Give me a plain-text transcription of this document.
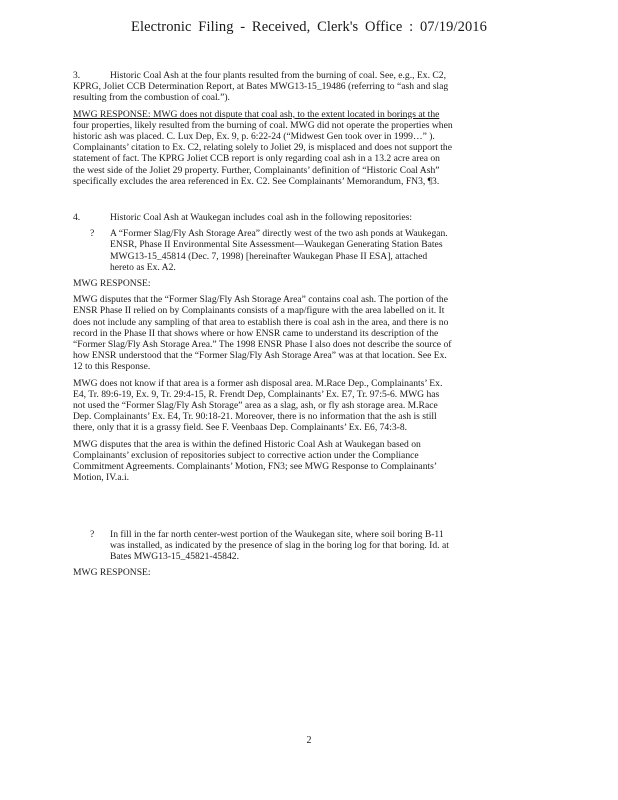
Electronic Filing - Received, Clerk's Office : 07/19/2016

3.	Historic Coal Ash at the four plants resulted from the burning of coal. See, e.g., Ex. C2, KPRG, Joliet CCB Determination Report, at Bates MWG13-15_19486 (referring to “ash and slag resulting from the combustion of coal.”).

MWG RESPONSE: MWG does not dispute that coal ash, to the extent located in borings at the four properties, likely resulted from the burning of coal. MWG did not operate the properties when historic ash was placed. C. Lux Dep, Ex. 9, p. 6:22-24 (“Midwest Gen took over in 1999…” ). Complainants’ citation to Ex. C2, relating solely to Joliet 29, is misplaced and does not support the statement of fact. The KPRG Joliet CCB report is only regarding coal ash in a 13.2 acre area on the west side of the Joliet 29 property. Further, Complainants’ definition of “Historic Coal Ash” specifically excludes the area referenced in Ex. C2. See Complainants’ Memorandum, FN3, ¶3.

4.	Historic Coal Ash at Waukegan includes coal ash in the following repositories:

? A “Former Slag/Fly Ash Storage Area” directly west of the two ash ponds at Waukegan. ENSR, Phase II Environmental Site Assessment—Waukegan Generating Station Bates MWG13-15_45814 (Dec. 7, 1998) [hereinafter Waukegan Phase II ESA], attached hereto as Ex. A2.

MWG RESPONSE:

MWG disputes that the “Former Slag/Fly Ash Storage Area” contains coal ash. The portion of the ENSR Phase II relied on by Complainants consists of a map/figure with the area labelled on it. It does not include any sampling of that area to establish there is coal ash in the area, and there is no record in the Phase II that shows where or how ENSR came to understand its description of the “Former Slag/Fly Ash Storage Area.” The 1998 ENSR Phase I also does not describe the source of how ENSR understood that the “Former Slag/Fly Ash Storage Area” was at that location. See Ex. 12 to this Response.

MWG does not know if that area is a former ash disposal area. M.Race Dep., Complainants’ Ex. E4, Tr. 89:6-19, Ex. 9, Tr. 29:4-15, R. Frendt Dep, Complainants’ Ex. E7, Tr. 97:5-6. MWG has not used the “Former Slag/Fly Ash Storage” area as a slag, ash, or fly ash storage area. M.Race Dep. Complainants’ Ex. E4, Tr. 90:18-21. Moreover, there is no information that the ash is still there, only that it is a grassy field. See F. Veenbaas Dep. Complainants’ Ex. E6, 74:3-8.

MWG disputes that the area is within the defined Historic Coal Ash at Waukegan based on Complainants’ exclusion of repositories subject to corrective action under the Compliance Commitment Agreements. Complainants’ Motion, FN3; see MWG Response to Complainants’ Motion, IV.a.i.

? In fill in the far north center-west portion of the Waukegan site, where soil boring B-11 was installed, as indicated by the presence of slag in the boring log for that boring. Id. at Bates MWG13-15_45821-45842.

MWG RESPONSE:

2
